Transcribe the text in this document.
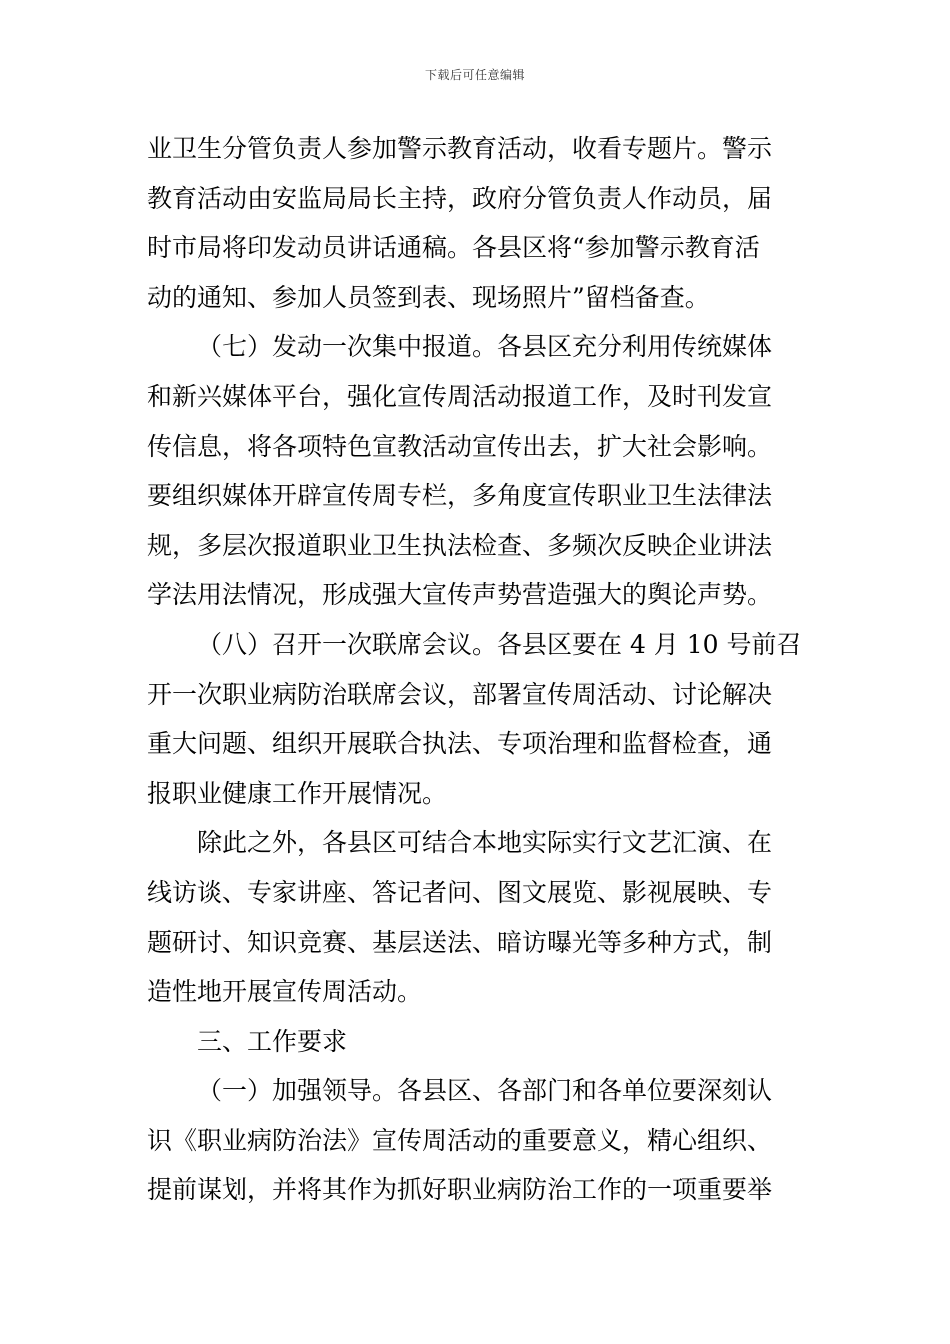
下载后可任意编辑
业卫生分管负责人参加警示教育活动，收看专题片。警示
教育活动由安监局局长主持，政府分管负责人作动员，届
时市局将印发动员讲话通稿。各县区将“参加警示教育活
动的通知、参加人员签到表、现场照片”留档备查。
（七）发动一次集中报道。各县区充分利用传统媒体
和新兴媒体平台，强化宣传周活动报道工作，及时刊发宣
传信息，将各项特色宣教活动宣传出去，扩大社会影响。
要组织媒体开辟宣传周专栏，多角度宣传职业卫生法律法
规，多层次报道职业卫生执法检查、多频次反映企业讲法
学法用法情况，形成强大宣传声势营造强大的舆论声势。
（八）召开一次联席会议。各县区要在 4 月 10 号前召
开一次职业病防治联席会议，部署宣传周活动、讨论解决
重大问题、组织开展联合执法、专项治理和监督检查，通
报职业健康工作开展情况。
除此之外，各县区可结合本地实际实行文艺汇演、在
线访谈、专家讲座、答记者问、图文展览、影视展映、专
题研讨、知识竞赛、基层送法、暗访曝光等多种方式，制
造性地开展宣传周活动。
三、工作要求
（一）加强领导。各县区、各部门和各单位要深刻认
识《职业病防治法》宣传周活动的重要意义，精心组织、
提前谋划，并将其作为抓好职业病防治工作的一项重要举
